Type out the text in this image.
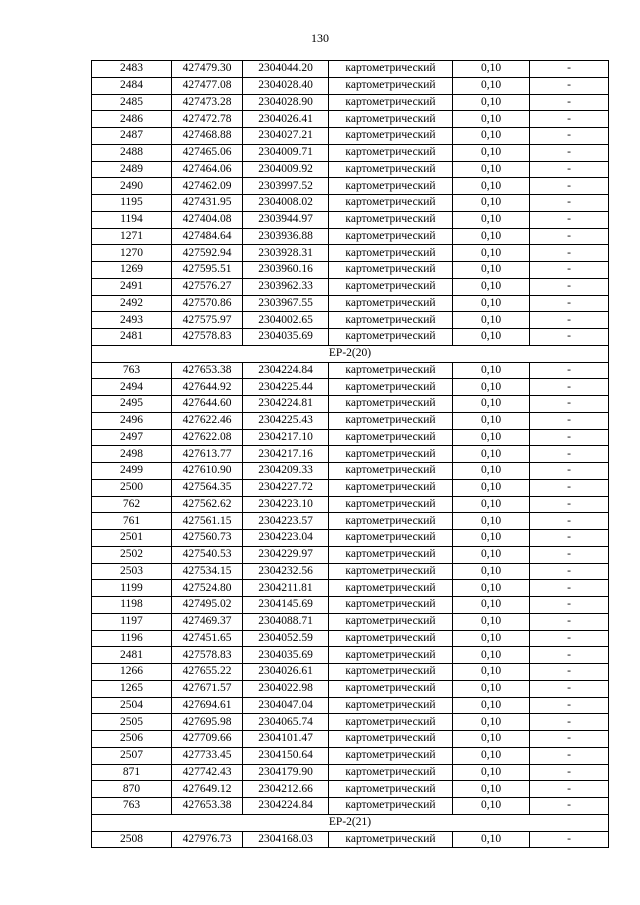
130
2483	427479.30	2304044.20	картометрический	0,10	-
2484	427477.08	2304028.40	картометрический	0,10	-
2485	427473.28	2304028.90	картометрический	0,10	-
2486	427472.78	2304026.41	картометрический	0,10	-
2487	427468.88	2304027.21	картометрический	0,10	-
2488	427465.06	2304009.71	картометрический	0,10	-
2489	427464.06	2304009.92	картометрический	0,10	-
2490	427462.09	2303997.52	картометрический	0,10	-
1195	427431.95	2304008.02	картометрический	0,10	-
1194	427404.08	2303944.97	картометрический	0,10	-
1271	427484.64	2303936.88	картометрический	0,10	-
1270	427592.94	2303928.31	картометрический	0,10	-
1269	427595.51	2303960.16	картометрический	0,10	-
2491	427576.27	2303962.33	картометрический	0,10	-
2492	427570.86	2303967.55	картометрический	0,10	-
2493	427575.97	2304002.65	картометрический	0,10	-
2481	427578.83	2304035.69	картометрический	0,10	-
ЕР-2(20)					
763	427653.38	2304224.84	картометрический	0,10	-
2494	427644.92	2304225.44	картометрический	0,10	-
2495	427644.60	2304224.81	картометрический	0,10	-
2496	427622.46	2304225.43	картометрический	0,10	-
2497	427622.08	2304217.10	картометрический	0,10	-
2498	427613.77	2304217.16	картометрический	0,10	-
2499	427610.90	2304209.33	картометрический	0,10	-
2500	427564.35	2304227.72	картометрический	0,10	-
762	427562.62	2304223.10	картометрический	0,10	-
761	427561.15	2304223.57	картометрический	0,10	-
2501	427560.73	2304223.04	картометрический	0,10	-
2502	427540.53	2304229.97	картометрический	0,10	-
2503	427534.15	2304232.56	картометрический	0,10	-
1199	427524.80	2304211.81	картометрический	0,10	-
1198	427495.02	2304145.69	картометрический	0,10	-
1197	427469.37	2304088.71	картометрический	0,10	-
1196	427451.65	2304052.59	картометрический	0,10	-
2481	427578.83	2304035.69	картометрический	0,10	-
1266	427655.22	2304026.61	картометрический	0,10	-
1265	427671.57	2304022.98	картометрический	0,10	-
2504	427694.61	2304047.04	картометрический	0,10	-
2505	427695.98	2304065.74	картометрический	0,10	-
2506	427709.66	2304101.47	картометрический	0,10	-
2507	427733.45	2304150.64	картометрический	0,10	-
871	427742.43	2304179.90	картометрический	0,10	-
870	427649.12	2304212.66	картометрический	0,10	-
763	427653.38	2304224.84	картометрический	0,10	-
ЕР-2(21)					
2508	427976.73	2304168.03	картометрический	0,10	-
